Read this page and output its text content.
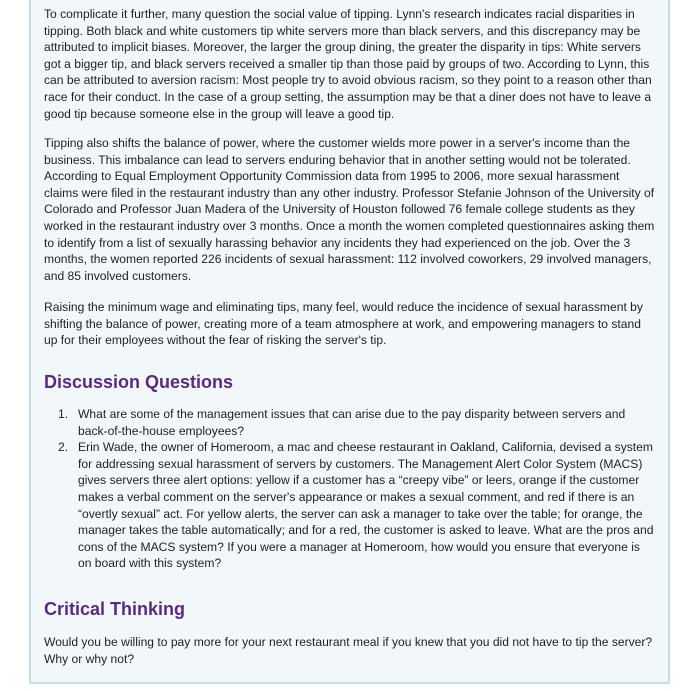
To complicate it further, many question the social value of tipping. Lynn's research indicates racial disparities in tipping. Both black and white customers tip white servers more than black servers, and this discrepancy may be attributed to implicit biases. Moreover, the larger the group dining, the greater the disparity in tips: White servers got a bigger tip, and black servers received a smaller tip than those paid by groups of two. According to Lynn, this can be attributed to aversion racism: Most people try to avoid obvious racism, so they point to a reason other than race for their conduct. In the case of a group setting, the assumption may be that a diner does not have to leave a good tip because someone else in the group will leave a good tip.

Tipping also shifts the balance of power, where the customer wields more power in a server's income than the business. This imbalance can lead to servers enduring behavior that in another setting would not be tolerated. According to Equal Employment Opportunity Commission data from 1995 to 2006, more sexual harassment claims were filed in the restaurant industry than any other industry. Professor Stefanie Johnson of the University of Colorado and Professor Juan Madera of the University of Houston followed 76 female college students as they worked in the restaurant industry over 3 months. Once a month the women completed questionnaires asking them to identify from a list of sexually harassing behavior any incidents they had experienced on the job. Over the 3 months, the women reported 226 incidents of sexual harassment: 112 involved coworkers, 29 involved managers, and 85 involved customers.

Raising the minimum wage and eliminating tips, many feel, would reduce the incidence of sexual harassment by shifting the balance of power, creating more of a team atmosphere at work, and empowering managers to stand up for their employees without the fear of risking the server's tip.

Discussion Questions
1. What are some of the management issues that can arise due to the pay disparity between servers and back-of-the-house employees?
2. Erin Wade, the owner of Homeroom, a mac and cheese restaurant in Oakland, California, devised a system for addressing sexual harassment of servers by customers. The Management Alert Color System (MACS) gives servers three alert options: yellow if a customer has a “creepy vibe” or leers, orange if the customer makes a verbal comment on the server's appearance or makes a sexual comment, and red if there is an “overtly sexual” act. For yellow alerts, the server can ask a manager to take over the table; for orange, the manager takes the table automatically; and for a red, the customer is asked to leave. What are the pros and cons of the MACS system? If you were a manager at Homeroom, how would you ensure that everyone is on board with this system?
Critical Thinking

Would you be willing to pay more for your next restaurant meal if you knew that you did not have to tip the server? Why or why not?
